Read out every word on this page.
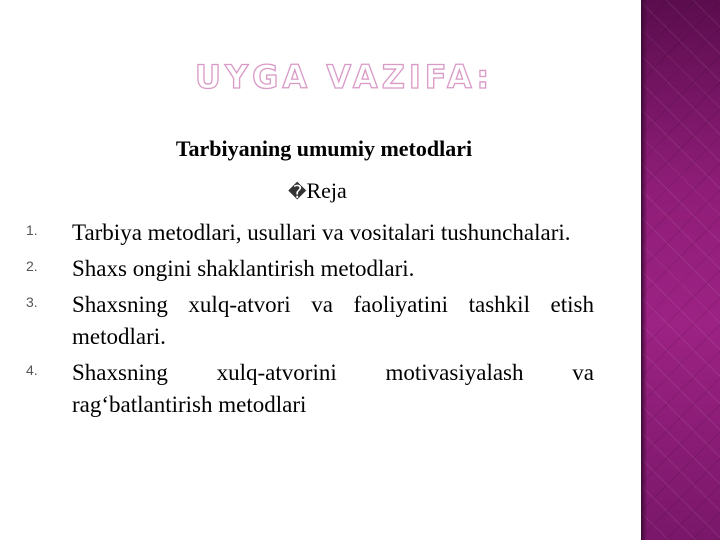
UYGA VAZIFA:
Tarbiyaning umumiy metodlari
�Reja
1.	Tarbiya metodlari, usullari va vositalari tushunchalari.
2.	Shaxs ongini shaklantirish metodlari.
3.	Shaxsning xulq-atvori va faoliyatini tashkil etish metodlari.
4.	Shaxsning xulq-atvorini motivasiyalash va rag‘batlantirish metodlari
